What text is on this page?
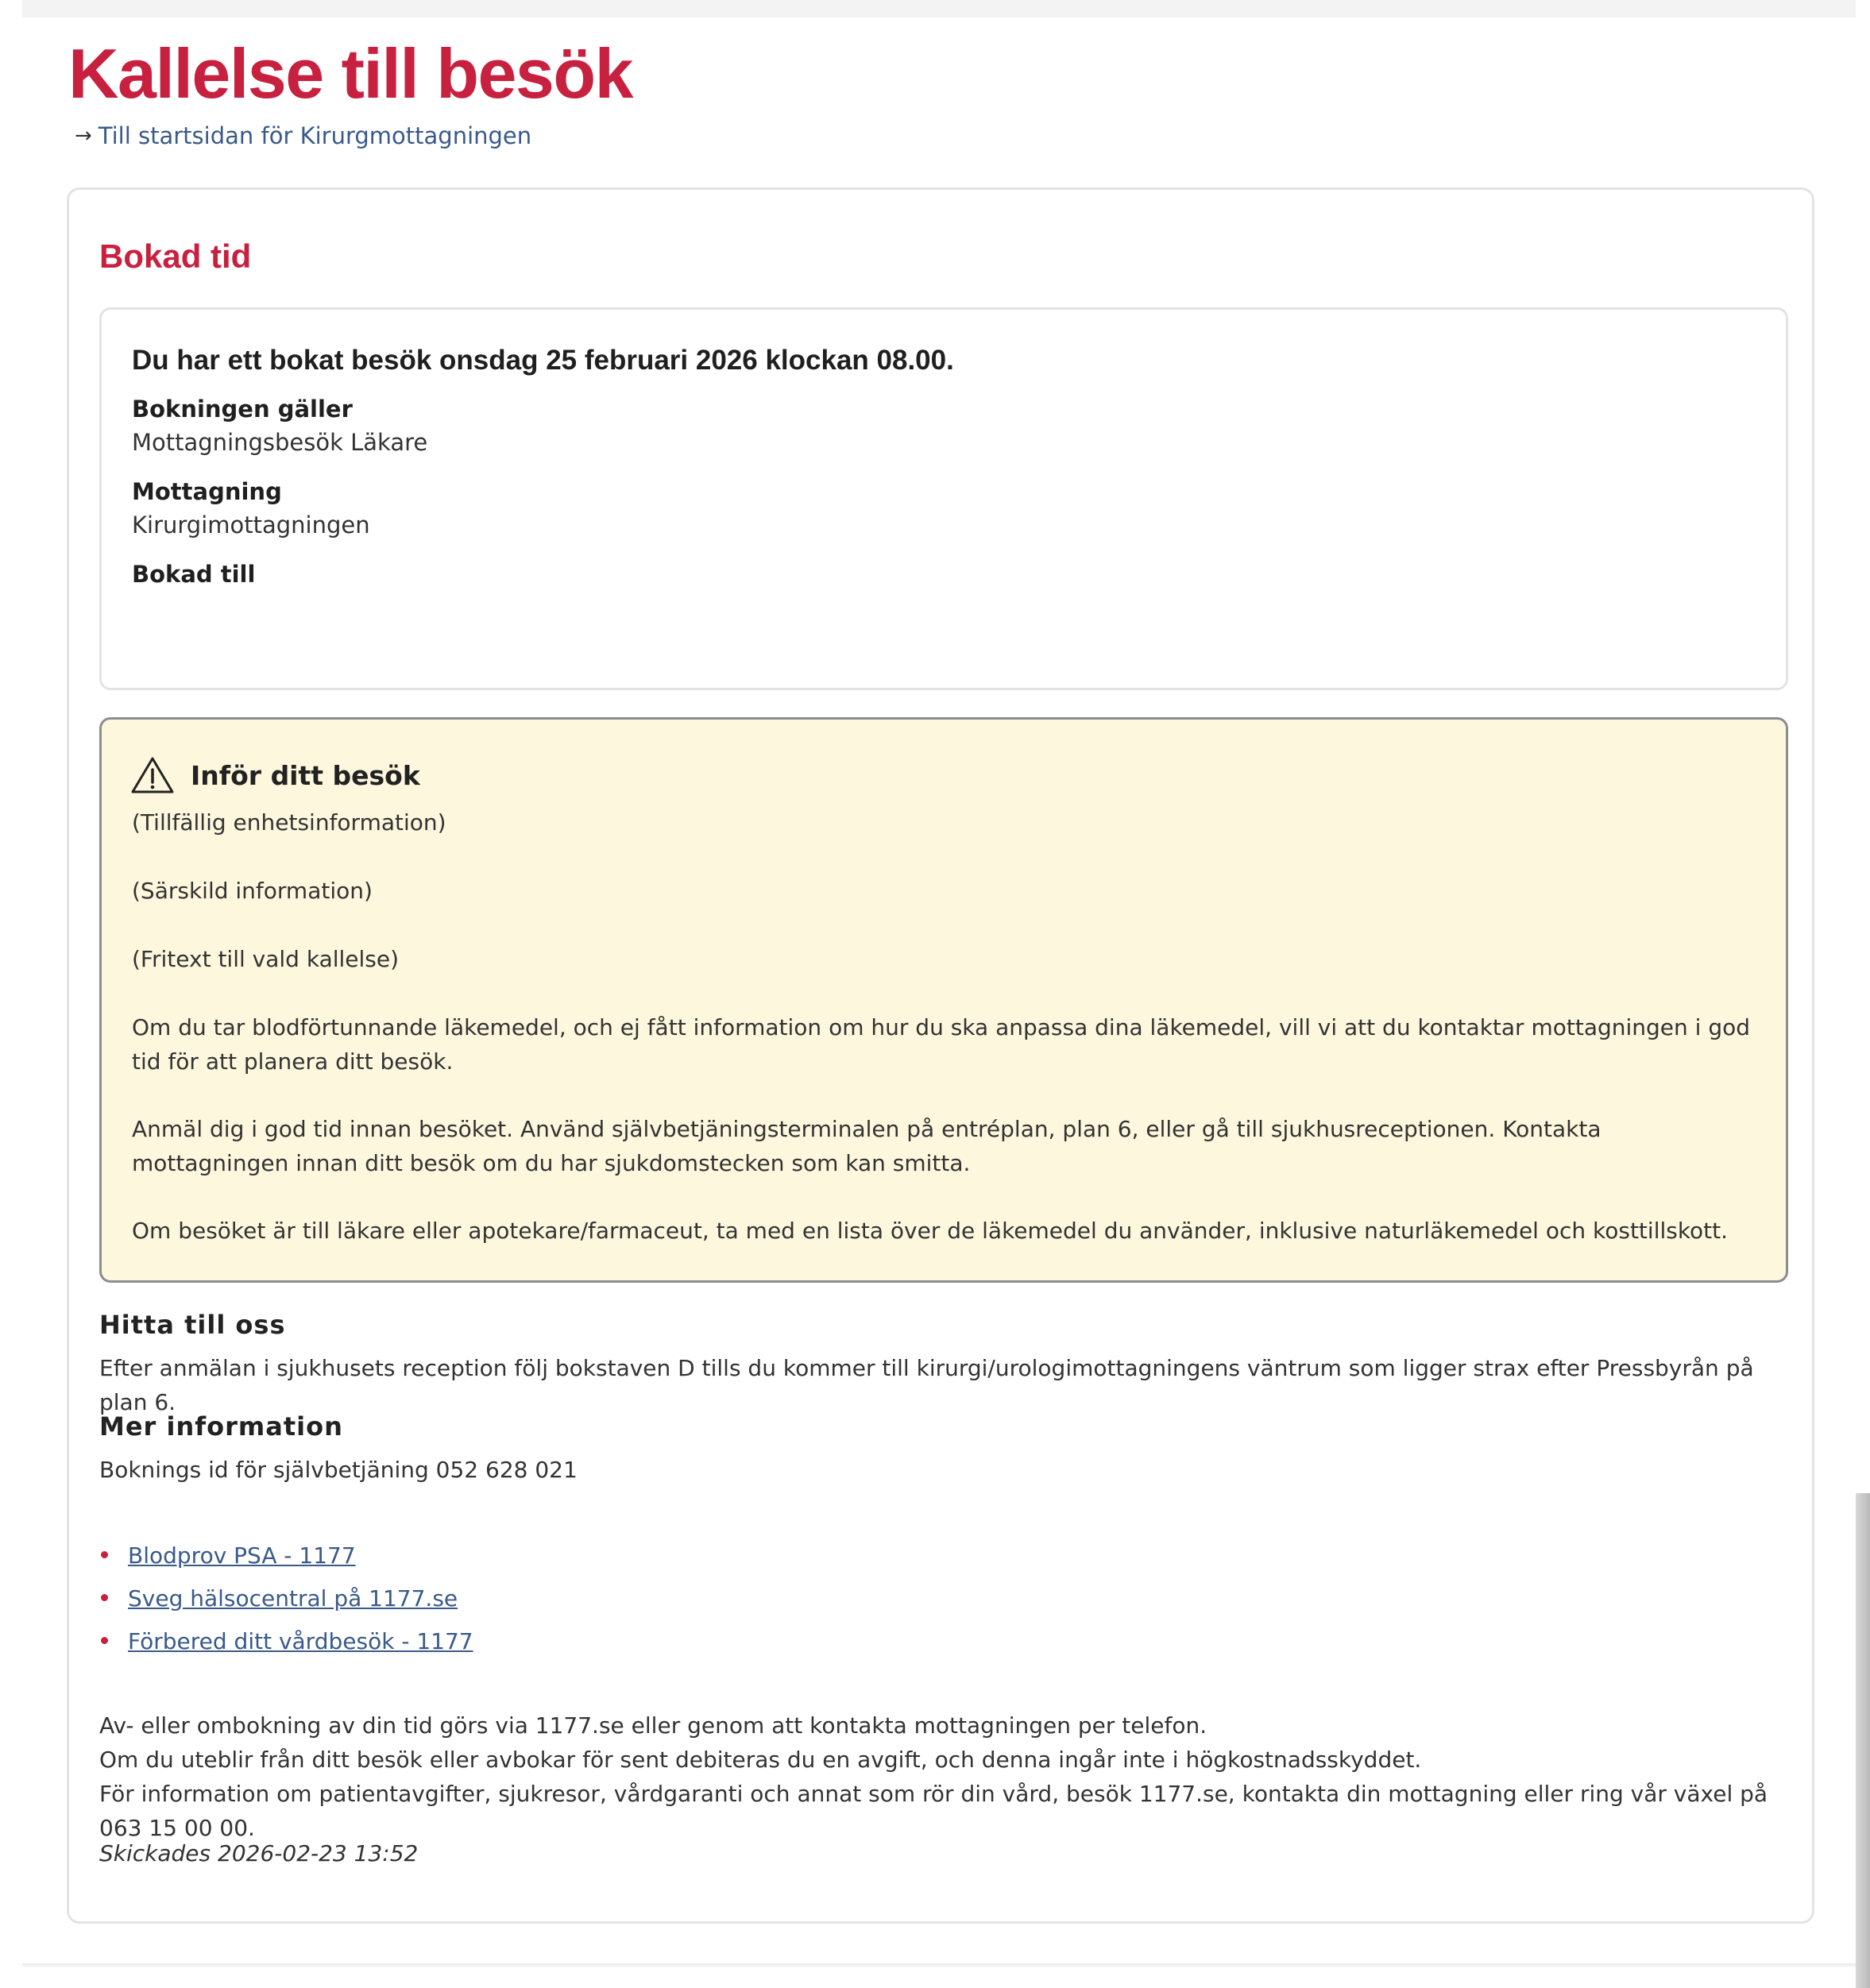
Kallelse till besök
→ Till startsidan för Kirurgmottagningen
Bokad tid
Du har ett bokat besök onsdag 25 februari 2026 klockan 08.00.
Bokningen gäller
Mottagningsbesök Läkare
Mottagning
Kirurgimottagningen
Bokad till
Inför ditt besök

(Tillfällig enhetsinformation)

(Särskild information)

(Fritext till vald kallelse)

Om du tar blodförtunnande läkemedel, och ej fått information om hur du ska anpassa dina läkemedel, vill vi att du kontaktar mottagningen i god tid för att planera ditt besök.

Anmäl dig i god tid innan besöket. Använd självbetjäningsterminalen på entréplan, plan 6, eller gå till sjukhusreceptionen. Kontakta mottagningen innan ditt besök om du har sjukdomstecken som kan smitta.

Om besöket är till läkare eller apotekare/farmaceut, ta med en lista över de läkemedel du använder, inklusive naturläkemedel och kosttillskott.

Hitta till oss

Efter anmälan i sjukhusets reception följ bokstaven D tills du kommer till kirurgi/urologimottagningens väntrum som ligger strax efter Pressbyrån på plan 6.

Mer information

Boknings id för självbetjäning 052 628 021

Blodprov PSA - 1177
Sveg hälsocentral på 1177.se
Förbered ditt vårdbesök - 1177

Av- eller ombokning av din tid görs via 1177.se eller genom att kontakta mottagningen per telefon.

Om du uteblir från ditt besök eller avbokar för sent debiteras du en avgift, och denna ingår inte i högkostnadsskyddet.

För information om patientavgifter, sjukresor, vårdgaranti och annat som rör din vård, besök 1177.se, kontakta din mottagning eller ring vår växel på 063 15 00 00.

Skickades 2026-02-23 13:52
